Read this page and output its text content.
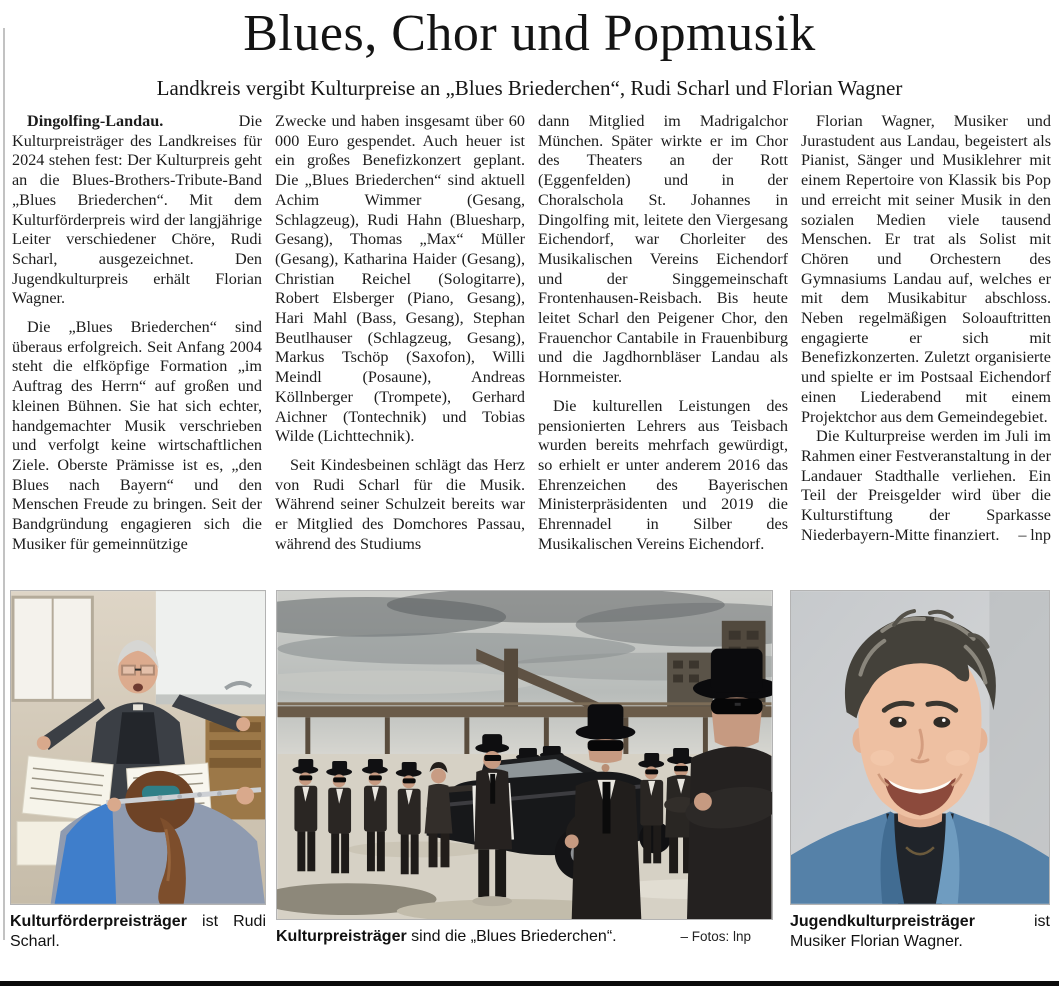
Blues, Chor und Popmusik
Landkreis vergibt Kulturpreise an „Blues Briederchen“, Rudi Scharl und Florian Wagner

Dingolfing-Landau.	Die Kulturpreisträger des Landkreises für 2024 stehen fest: Der Kulturpreis geht an die Blues-Brothers-Tribute-Band „Blues Briederchen“. Mit dem Kulturförderpreis wird der langjährige Leiter verschiedener Chöre, Rudi Scharl, ausgezeichnet. Den Jugendkulturpreis erhält Florian Wagner.

Die „Blues Briederchen“ sind überaus erfolgreich. Seit Anfang 2004 steht die elfköpfige Formation „im Auftrag des Herrn“ auf großen und kleinen Bühnen. Sie hat sich echter, handgemachter Musik verschrieben und verfolgt keine wirtschaftlichen Ziele. Oberste Prämisse ist es, „den Blues nach Bayern“ und den Menschen Freude zu bringen. Seit der Bandgründung engagieren sich die Musiker für gemeinnützige

Zwecke und haben insgesamt über 60 000 Euro gespendet. Auch heuer ist ein großes Benefizkonzert geplant. Die „Blues Briederchen“ sind aktuell Achim Wimmer (Gesang, Schlagzeug), Rudi Hahn (Bluesharp, Gesang), Thomas „Max“ Müller (Gesang), Katharina Haider (Gesang), Christian Reichel (Sologitarre), Robert Elsberger (Piano, Gesang), Hari Mahl (Bass, Gesang), Stephan Beutlhauser (Schlagzeug, Gesang), Markus Tschöp (Saxofon), Willi Meindl (Posaune), Andreas Köllnberger (Trompete), Gerhard Aichner (Tontechnik) und Tobias Wilde (Lichttechnik).

Seit Kindesbeinen schlägt das Herz von Rudi Scharl für die Musik. Während seiner Schulzeit bereits war er Mitglied des Domchores Passau, während des Studiums

dann Mitglied im Madrigalchor München. Später wirkte er im Chor des Theaters an der Rott (Eggenfelden) und in der Choralschola St. Johannes in Dingolfing mit, leitete den Viergesang Eichendorf, war Chorleiter des Musikalischen Vereins Eichendorf und der Singgemeinschaft Frontenhausen-Reisbach. Bis heute leitet Scharl den Peigener Chor, den Frauenchor Cantabile in Frauenbiburg und die Jagdhornbläser Landau als Hornmeister.

Die kulturellen Leistungen des pensionierten Lehrers aus Teisbach wurden bereits mehrfach gewürdigt, so erhielt er unter anderem 2016 das Ehrenzeichen des Bayerischen Ministerpräsidenten und 2019 die Ehrennadel in Silber des Musikalischen Vereins Eichendorf.

Florian Wagner, Musiker und Jurastudent aus Landau, begeistert als Pianist, Sänger und Musiklehrer mit einem Repertoire von Klassik bis Pop und erreicht mit seiner Musik in den sozialen Medien viele tausend Menschen. Er trat als Solist mit Chören und Orchestern des Gymnasiums Landau auf, welches er mit dem Musikabitur abschloss. Neben regelmäßigen Soloauftritten engagierte er sich mit Benefizkonzerten. Zuletzt organisierte und spielte er im Postsaal Eichendorf einen Liederabend mit einem Projektchor aus dem Gemeindegebiet.

Die Kulturpreise werden im Juli im Rahmen einer Festveranstaltung in der Landauer Stadthalle verliehen. Ein Teil der Preisgelder wird über die Kulturstiftung der Sparkasse Niederbayern-Mitte finanziert.	– lnp

Kulturförderpreisträger ist Rudi Scharl.	Kulturpreisträger sind die „Blues Briederchen“.	– Fotos: lnp
Jugendkulturpreisträger ist Musiker Florian Wagner.
